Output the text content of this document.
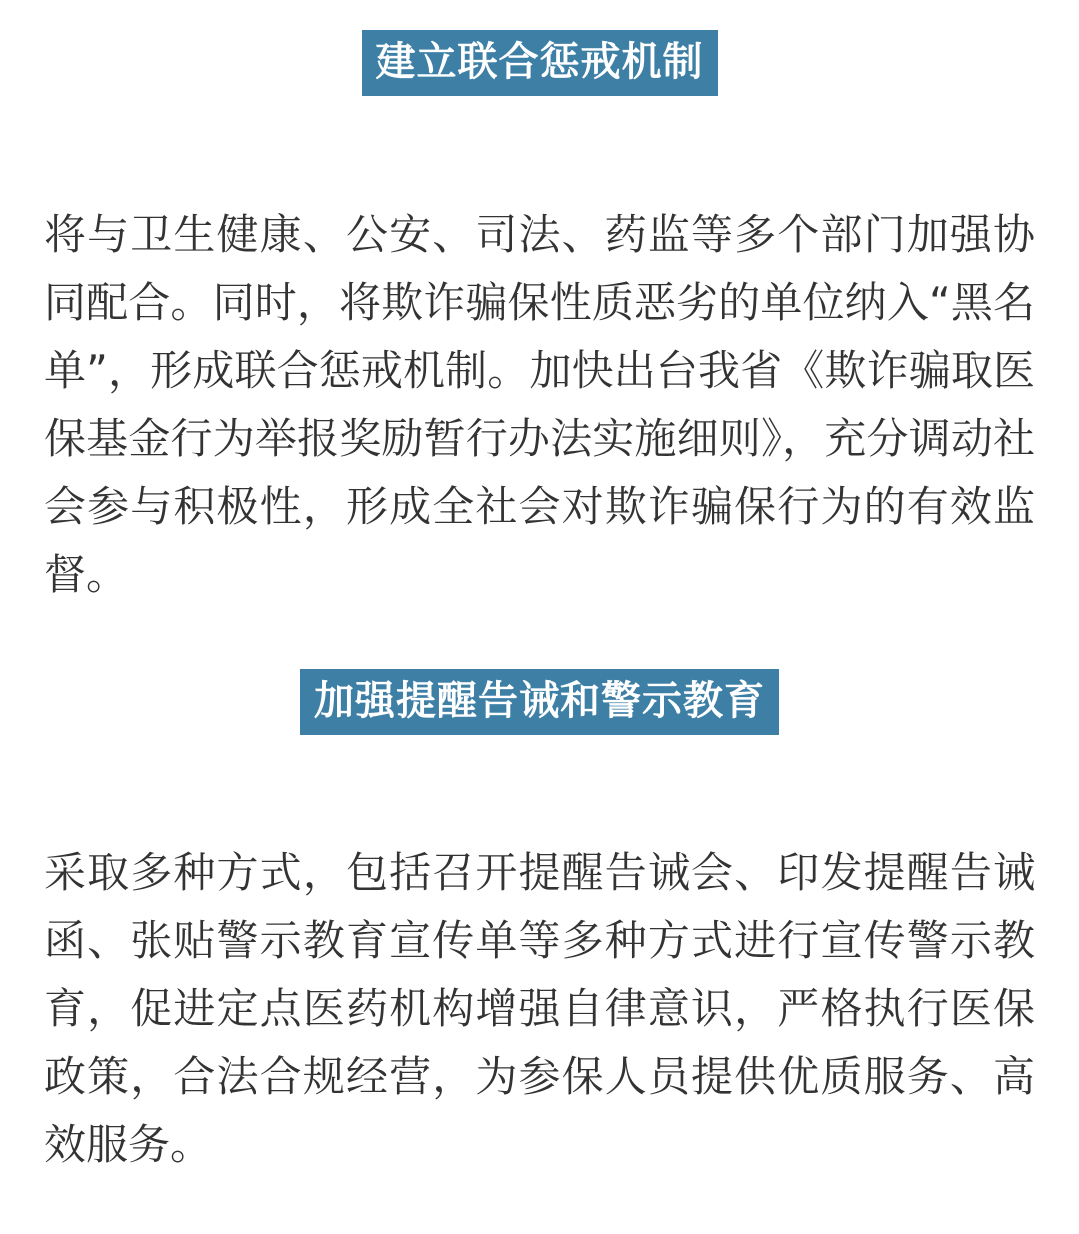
建立联合惩戒机制

将与卫生健康、公安、司法、药监等多个部门加强协同配合。同时，将欺诈骗保性质恶劣的单位纳入“黑名单”，形成联合惩戒机制。加快出台我省《欺诈骗取医保基金行为举报奖励暂行办法实施细则》，充分调动社会参与积极性，形成全社会对欺诈骗保行为的有效监督。

加强提醒告诫和警示教育

采取多种方式，包括召开提醒告诫会、印发提醒告诫函、张贴警示教育宣传单等多种方式进行宣传警示教育，促进定点医药机构增强自律意识，严格执行医保政策，合法合规经营，为参保人员提供优质服务、高效服务。
